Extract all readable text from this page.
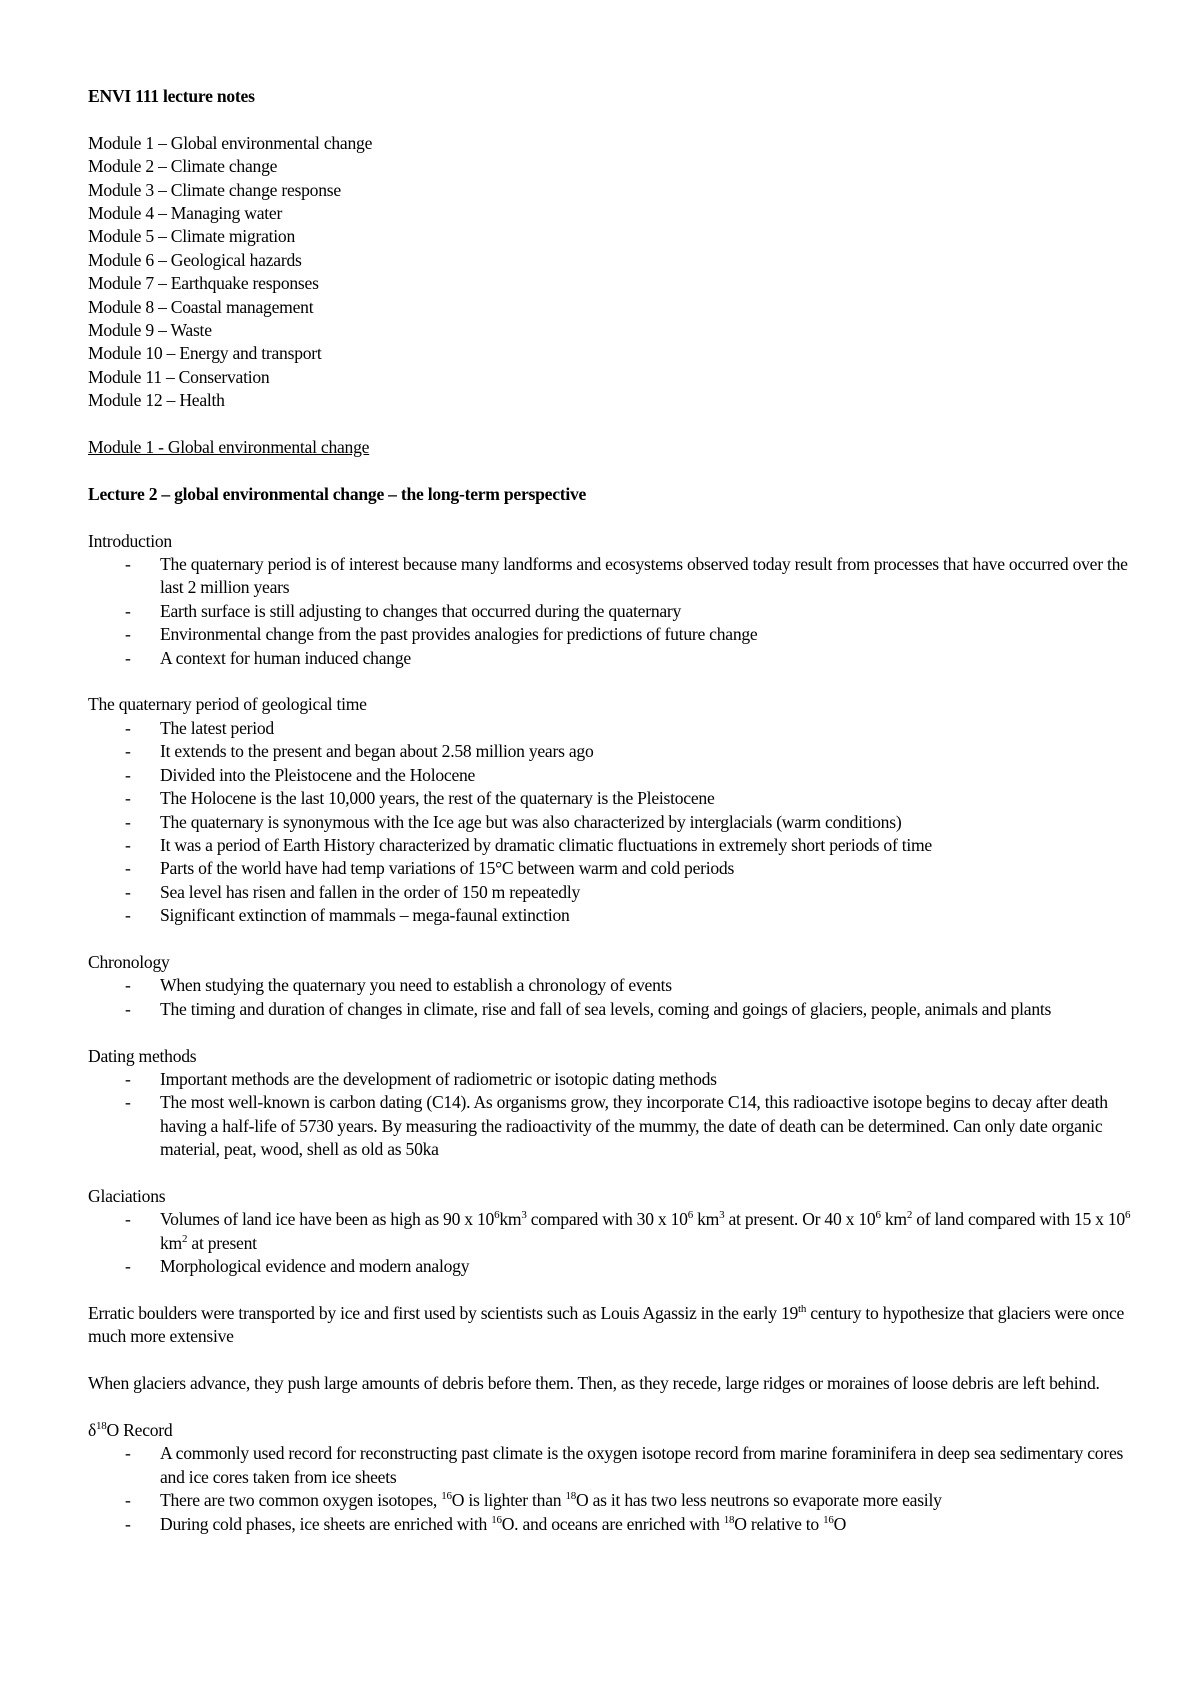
ENVI 111 lecture notes

Module 1 – Global environmental change
Module 2 – Climate change
Module 3 – Climate change response
Module 4 – Managing water
Module 5 – Climate migration
Module 6 – Geological hazards
Module 7 – Earthquake responses
Module 8 – Coastal management
Module 9 – Waste
Module 10 – Energy and transport
Module 11 – Conservation
Module 12 – Health

Module 1 - Global environmental change

Lecture 2 – global environmental change – the long-term perspective

Introduction

- The quaternary period is of interest because many landforms and ecosystems observed today result from processes that have occurred over the last 2 million years
- Earth surface is still adjusting to changes that occurred during the quaternary
- Environmental change from the past provides analogies for predictions of future change
- A context for human induced change

The quaternary period of geological time

- The latest period
- It extends to the present and began about 2.58 million years ago
- Divided into the Pleistocene and the Holocene
- The Holocene is the last 10,000 years, the rest of the quaternary is the Pleistocene
- The quaternary is synonymous with the Ice age but was also characterized by interglacials (warm conditions)
- It was a period of Earth History characterized by dramatic climatic fluctuations in extremely short periods of time
- Parts of the world have had temp variations of 15°C between warm and cold periods
- Sea level has risen and fallen in the order of 150 m repeatedly
- Significant extinction of mammals – mega-faunal extinction

Chronology

- When studying the quaternary you need to establish a chronology of events
- The timing and duration of changes in climate, rise and fall of sea levels, coming and goings of glaciers, people, animals and plants

Dating methods

- Important methods are the development of radiometric or isotopic dating methods
- The most well-known is carbon dating (C14). As organisms grow, they incorporate C14, this radioactive isotope begins to decay after death having a half-life of 5730 years. By measuring the radioactivity of the mummy, the date of death can be determined. Can only date organic material, peat, wood, shell as old as 50ka

Glaciations

- Volumes of land ice have been as high as 90 x $10^6km^3$ compared with 30 x $10^6$ $km^3$ at present. Or 40 x $10^6$ $km^2$ of land compared with 15 x $10^6$ $km^2$ at present
- Morphological evidence and modern analogy

Erratic boulders were transported by ice and first used by scientists such as Louis Agassiz in the early 19th century to hypothesize that glaciers were once much more extensive

When glaciers advance, they push large amounts of debris before them. Then, as they recede, large ridges or moraines of loose debris are left behind.

$\delta^{18}O$ Record

- A commonly used record for reconstructing past climate is the oxygen isotope record from marine foraminifera in deep sea sedimentary cores and ice cores taken from ice sheets
- There are two common oxygen isotopes, $^{16}$O is lighter than $^{18}$O as it has two less neutrons so evaporate more easily
- During cold phases, ice sheets are enriched with $^{16}$O. and oceans are enriched with $^{18}$O relative to $^{16}$O
